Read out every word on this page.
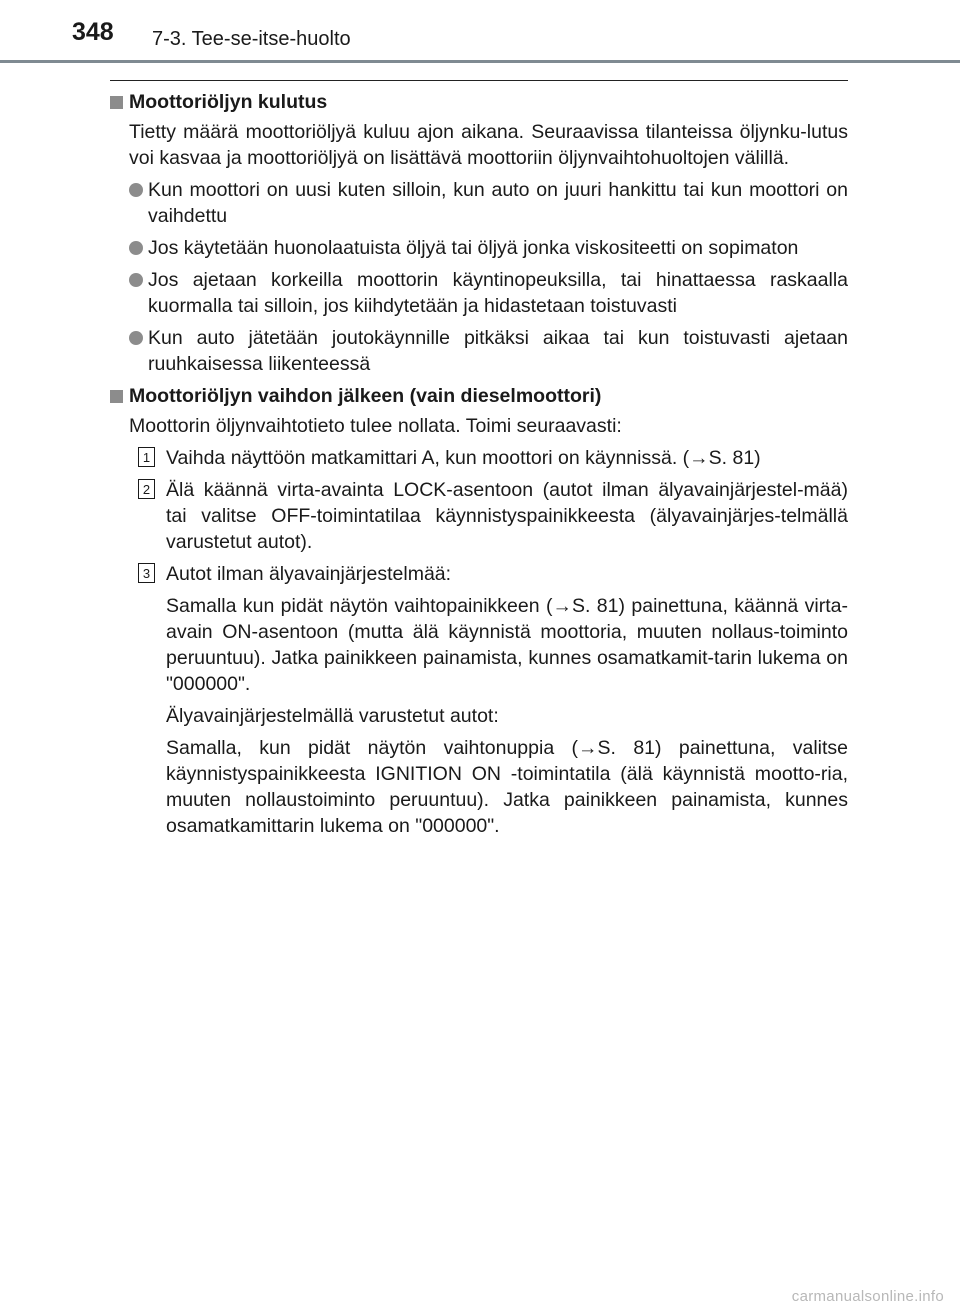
348 7-3. Tee-se-itse-huolto
Moottoriöljyn kulutus
Tietty määrä moottoriöljyä kuluu ajon aikana. Seuraavissa tilanteissa öljynku-lutus voi kasvaa ja moottoriöljyä on lisättävä moottoriin öljynvaihtohuoltojen välillä.
Kun moottori on uusi kuten silloin, kun auto on juuri hankittu tai kun moottori on vaihdettu
Jos käytetään huonolaatuista öljyä tai öljyä jonka viskositeetti on sopimaton
Jos ajetaan korkeilla moottorin käyntinopeuksilla, tai hinattaessa raskaalla kuormalla tai silloin, jos kiihdytetään ja hidastetaan toistuvasti
Kun auto jätetään joutokäynnille pitkäksi aikaa tai kun toistuvasti ajetaan ruuhkaisessa liikenteessä
Moottoriöljyn vaihdon jälkeen (vain dieselmoottori)
Moottorin öljynvaihtotieto tulee nollata. Toimi seuraavasti:
1 Vaihda näyttöön matkamittari A, kun moottori on käynnissä. (→S. 81)
2 Älä käännä virta-avainta LOCK-asentoon (autot ilman älyavainjärjestel-mää) tai valitse OFF-toimintatilaa käynnistyspainikkeesta (älyavainjärjes-telmällä varustetut autot).
3 Autot ilman älyavainjärjestelmää:
Samalla kun pidät näytön vaihtopainikkeen (→S. 81) painettuna, käännä virta-avain ON-asentoon (mutta älä käynnistä moottoria, muuten nollaus-toiminto peruuntuu). Jatka painikkeen painamista, kunnes osamatkamit-tarin lukema on "000000".
Älyavainjärjestelmällä varustetut autot:
Samalla, kun pidät näytön vaihtonuppia (→S. 81) painettuna, valitse käynnistyspainikkeesta IGNITION ON -toimintatila (älä käynnistä mootto-ria, muuten nollaustoiminto peruuntuu). Jatka painikkeen painamista, kunnes osamatkamittarin lukema on "000000".
carmanualsonline.info
